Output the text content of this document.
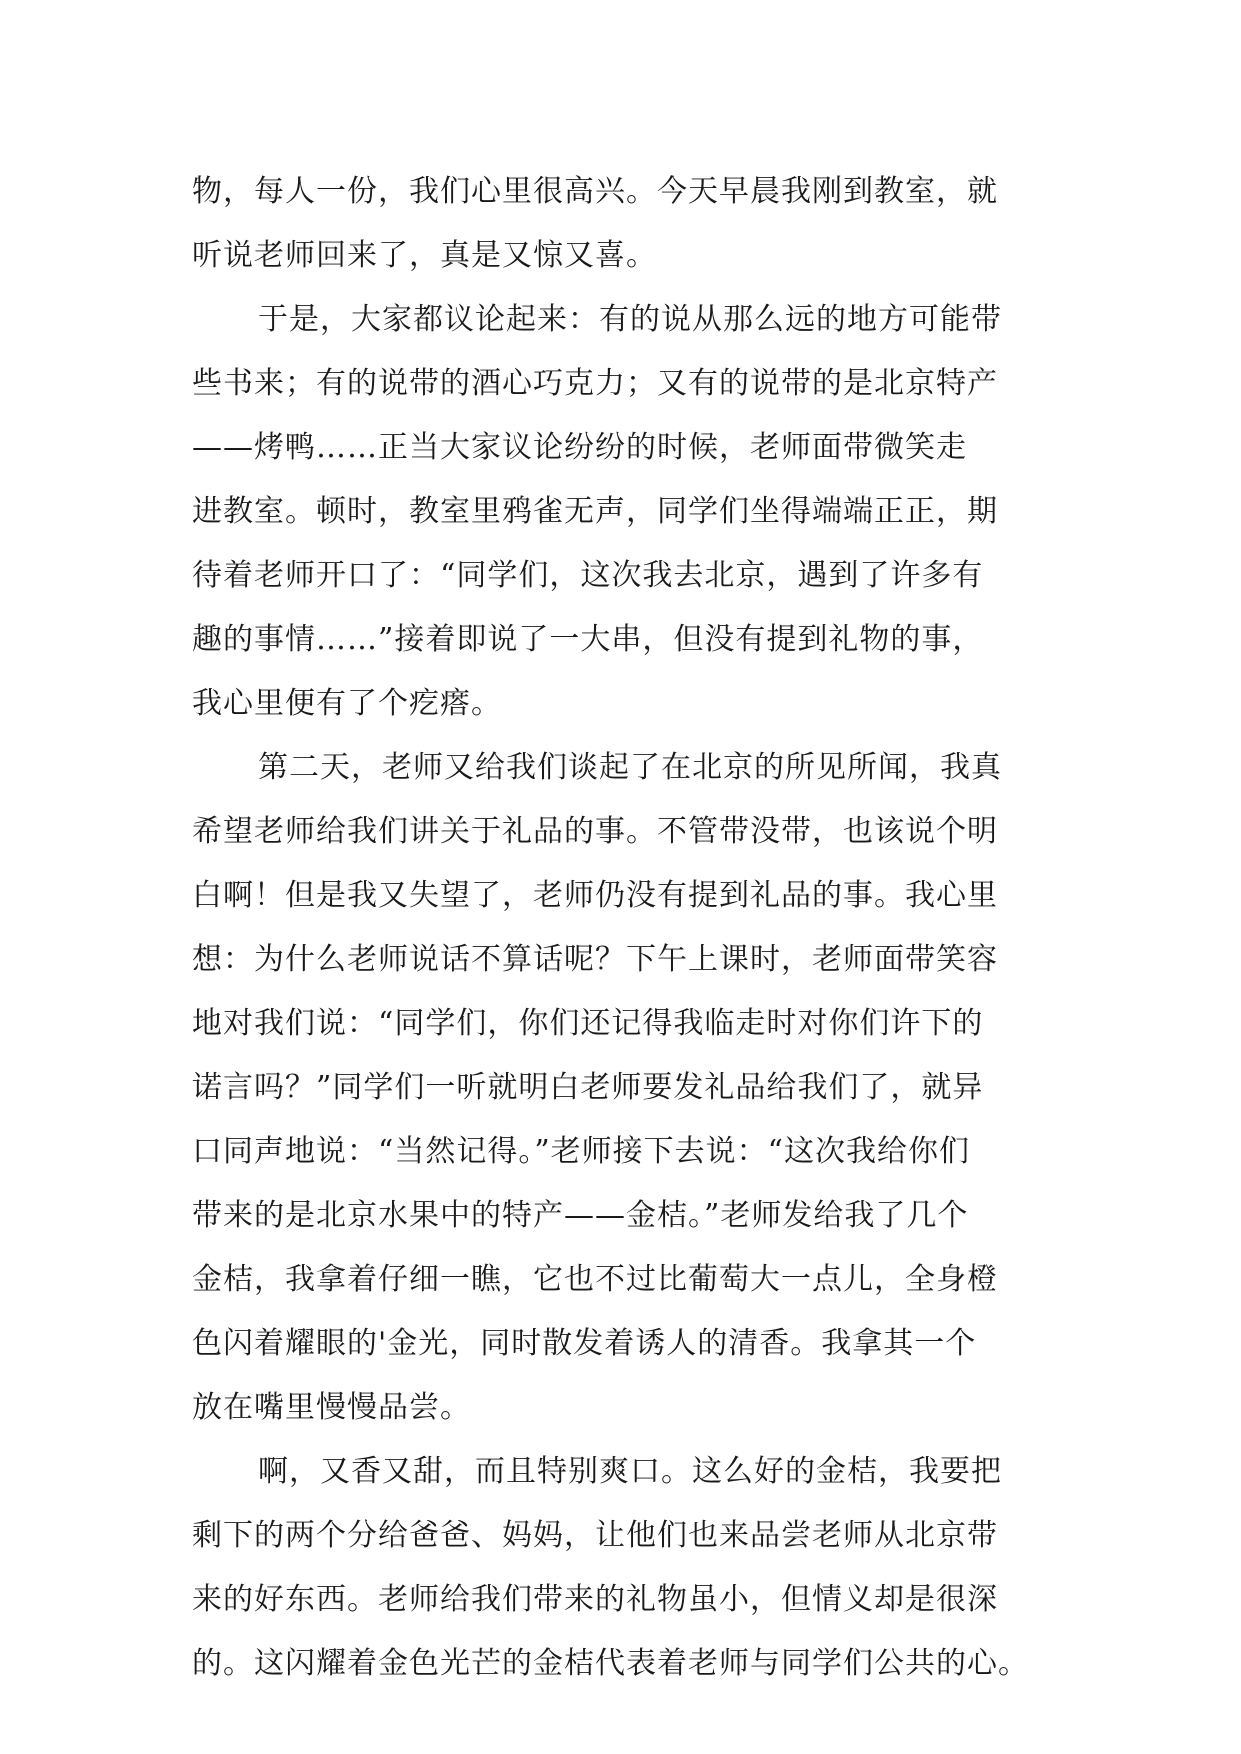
物，每人一份，我们心里很高兴。今天早晨我刚到教室，就
听说老师回来了，真是又惊又喜。
于是，大家都议论起来：有的说从那么远的地方可能带
些书来；有的说带的酒心巧克力；又有的说带的是北京特产
——烤鸭……正当大家议论纷纷的时候，老师面带微笑走
进教室。顿时，教室里鸦雀无声，同学们坐得端端正正，期
待着老师开口了：“同学们，这次我去北京，遇到了许多有
趣的事情……”接着即说了一大串，但没有提到礼物的事，
我心里便有了个疙瘩。
第二天，老师又给我们谈起了在北京的所见所闻，我真
希望老师给我们讲关于礼品的事。不管带没带，也该说个明
白啊！但是我又失望了，老师仍没有提到礼品的事。我心里
想：为什么老师说话不算话呢？下午上课时，老师面带笑容
地对我们说：“同学们，你们还记得我临走时对你们许下的
诺言吗？”同学们一听就明白老师要发礼品给我们了，就异
口同声地说：“当然记得。”老师接下去说：“这次我给你们
带来的是北京水果中的特产——金桔。”老师发给我了几个
金桔，我拿着仔细一瞧，它也不过比葡萄大一点儿，全身橙
色闪着耀眼的'金光，同时散发着诱人的清香。我拿其一个
放在嘴里慢慢品尝。
啊，又香又甜，而且特别爽口。这么好的金桔，我要把
剩下的两个分给爸爸、妈妈，让他们也来品尝老师从北京带
来的好东西。老师给我们带来的礼物虽小，但情义却是很深
的。这闪耀着金色光芒的金桔代表着老师与同学们公共的心。
